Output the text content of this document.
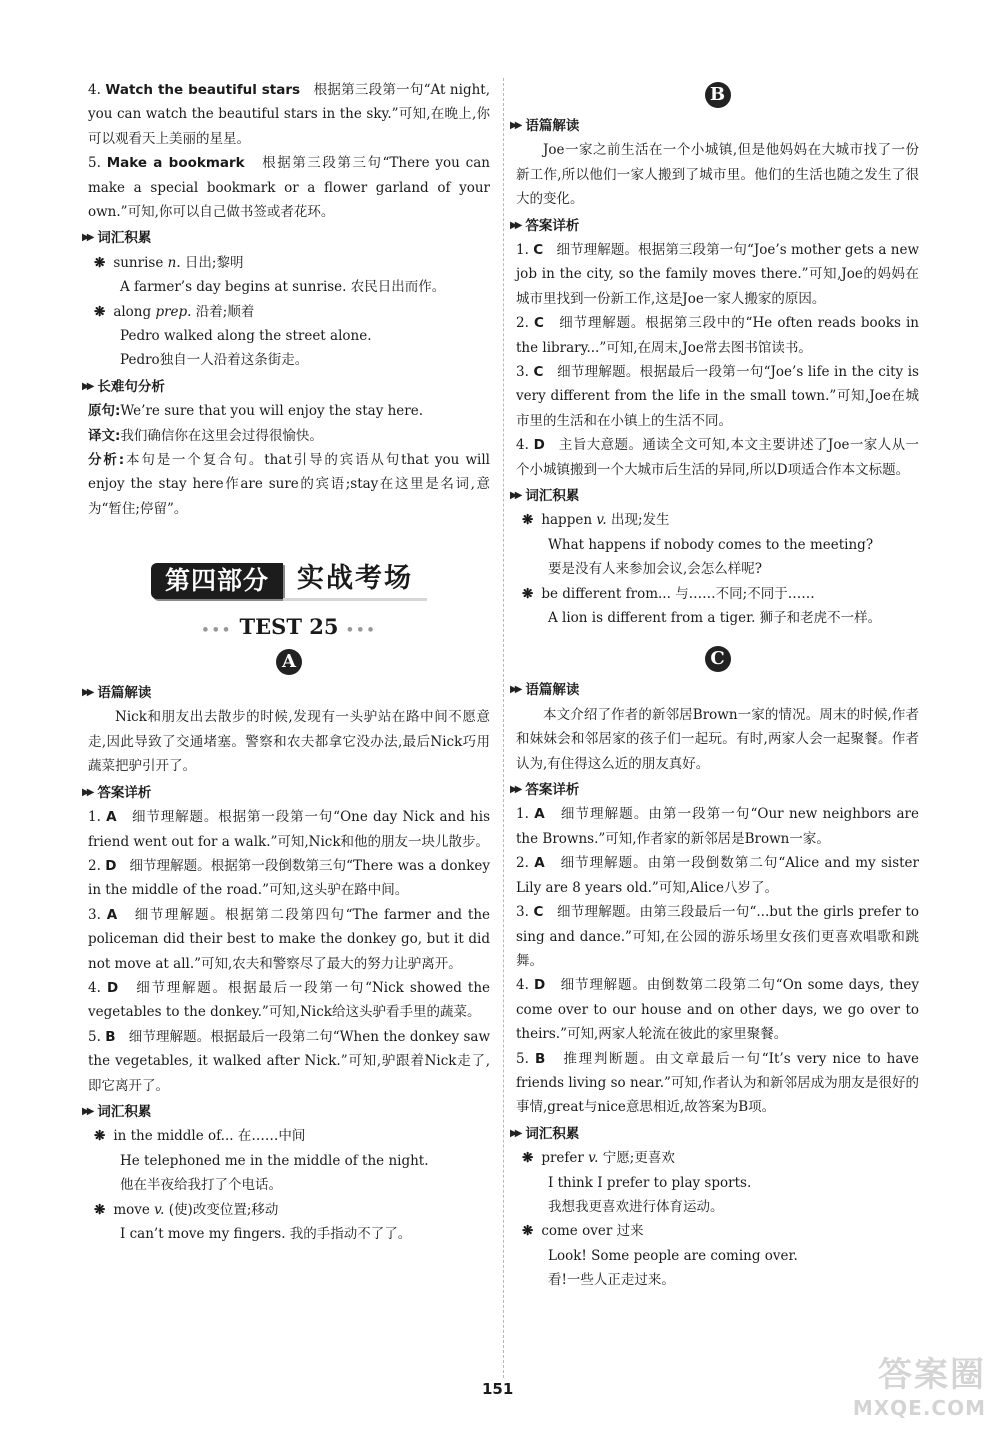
4. Watch the beautiful stars 根据第三段第一句“At night, you can watch the beautiful stars in the sky.”可知,在晚上,你可以观看天上美丽的星星。

5. Make a bookmark 根据第三段第三句“There you can make a special bookmark or a flower garland of your own.”可知,你可以自己做书签或者花环。

▶▶ 词汇积累
❋ sunrise n. 日出;黎明
A farmer’s day begins at sunrise. 农民日出而作。
❋ along prep. 沿着;顺着
Pedro walked along the street alone.
Pedro独自一人沿着这条街走。
▶▶ 长难句分析

原句:We’re sure that you will enjoy the stay here.

译文:我们确信你在这里会过得很愉快。

分析:本句是一个复合句。that引导的宾语从句that you will enjoy the stay here作are sure的宾语;stay在这里是名词,意为“暂住;停留”。

第四部分	实战考场
••• TEST 25 •••
A
▶▶ 语篇解读

Nick和朋友出去散步的时候,发现有一头驴站在路中间不愿意走,因此导致了交通堵塞。警察和农夫都拿它没办法,最后Nick巧用蔬菜把驴引开了。

▶▶ 答案详析

1. A 细节理解题。根据第一段第一句“One day Nick and his friend went out for a walk.”可知,Nick和他的朋友一块儿散步。

2. D 细节理解题。根据第一段倒数第三句“There was a donkey in the middle of the road.”可知,这头驴在路中间。

3. A 细节理解题。根据第二段第四句“The farmer and the policeman did their best to make the donkey go, but it did not move at all.”可知,农夫和警察尽了最大的努力让驴离开。

4. D 细节理解题。根据最后一段第一句“Nick showed the vegetables to the donkey.”可知,Nick给这头驴看手里的蔬菜。

5. B 细节理解题。根据最后一段第二句“When the donkey saw the vegetables, it walked after Nick.”可知,驴跟着Nick走了,即它离开了。

▶▶ 词汇积累
❋ in the middle of... 在……中间
He telephoned me in the middle of the night.
他在半夜给我打了个电话。
❋ move v. (使)改变位置;移动
I can’t move my fingers. 我的手指动不了了。
B
▶▶ 语篇解读

Joe一家之前生活在一个小城镇,但是他妈妈在大城市找了一份新工作,所以他们一家人搬到了城市里。他们的生活也随之发生了很大的变化。

▶▶ 答案详析

1. C 细节理解题。根据第三段第一句“Joe’s mother gets a new job in the city, so the family moves there.”可知,Joe的妈妈在城市里找到一份新工作,这是Joe一家人搬家的原因。

2. C 细节理解题。根据第三段中的“He often reads books in the library...”可知,在周末,Joe常去图书馆读书。

3. C 细节理解题。根据最后一段第一句“Joe’s life in the city is very different from the life in the small town.”可知,Joe在城市里的生活和在小镇上的生活不同。

4. D 主旨大意题。通读全文可知,本文主要讲述了Joe一家人从一个小城镇搬到一个大城市后生活的异同,所以D项适合作本文标题。

▶▶ 词汇积累
❋ happen v. 出现;发生
What happens if nobody comes to the meeting?
要是没有人来参加会议,会怎么样呢?
❋ be different from... 与……不同;不同于……
A lion is different from a tiger. 狮子和老虎不一样。
C
▶▶ 语篇解读

本文介绍了作者的新邻居Brown一家的情况。周末的时候,作者和妹妹会和邻居家的孩子们一起玩。有时,两家人会一起聚餐。作者认为,有住得这么近的朋友真好。

▶▶ 答案详析

1. A 细节理解题。由第一段第一句“Our new neighbors are the Browns.”可知,作者家的新邻居是Brown一家。

2. A 细节理解题。由第一段倒数第二句“Alice and my sister Lily are 8 years old.”可知,Alice八岁了。

3. C 细节理解题。由第三段最后一句“...but the girls prefer to sing and dance.”可知,在公园的游乐场里女孩们更喜欢唱歌和跳舞。

4. D 细节理解题。由倒数第二段第二句“On some days, they come over to our house and on other days, we go over to theirs.”可知,两家人轮流在彼此的家里聚餐。

5. B 推理判断题。由文章最后一句“It’s very nice to have friends living so near.”可知,作者认为和新邻居成为朋友是很好的事情,great与nice意思相近,故答案为B项。

▶▶ 词汇积累
❋ prefer v. 宁愿;更喜欢
I think I prefer to play sports.
我想我更喜欢进行体育运动。
❋ come over 过来
Look! Some people are coming over.
看!一些人正走过来。
151	答案圈
MXQE.COM
